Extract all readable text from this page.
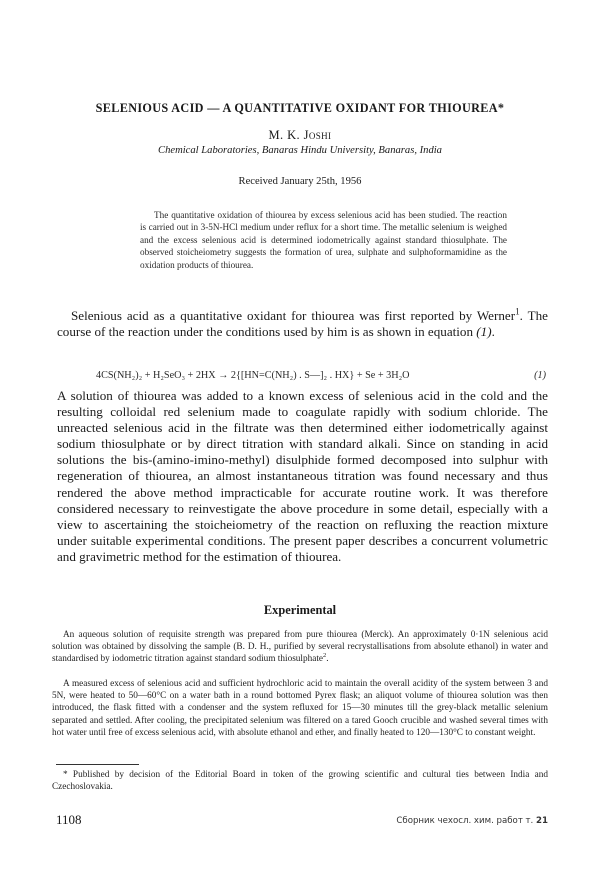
SELENIOUS ACID — A QUANTITATIVE OXIDANT FOR THIOUREA*
M. K. Joshi
Chemical Laboratories, Banaras Hindu University, Banaras, India
Received January 25th, 1956
The quantitative oxidation of thiourea by excess selenious acid has been studied. The reaction is carried out in 3-5N-HCl medium under reflux for a short time. The metallic selenium is weighed and the excess selenious acid is determined iodometrically against standard thiosulphate. The observed stoicheiometry suggests the formation of urea, sulphate and sulphoformamidine as the oxidation products of thiourea.
Selenious acid as a quantitative oxidant for thiourea was first reported by Werner$^1$. The course of the reaction under the conditions used by him is as shown in equation (1).
4CS(NH₂)₂ + H₂SeO₃ + 2HX → 2{[HN=C(NH₂) . S—]₂ . HX} + Se + 3H₂O	(1)
A solution of thiourea was added to a known excess of selenious acid in the cold and the resulting colloidal red selenium made to coagulate rapidly with sodium chloride. The unreacted selenious acid in the filtrate was then determined either iodometrically against sodium thiosulphate or by direct titration with standard alkali. Since on standing in acid solutions the bis-(amino-imino-methyl) disulphide formed decomposed into sulphur with regeneration of thiourea, an almost instantaneous titration was found necessary and thus rendered the above method impracticable for accurate routine work. It was therefore considered necessary to reinvestigate the above procedure in some detail, especially with a view to ascertaining the stoicheiometry of the reaction on refluxing the reaction mixture under suitable experimental conditions. The present paper describes a concurrent volumetric and gravimetric method for the estimation of thiourea.
Experimental
An aqueous solution of requisite strength was prepared from pure thiourea (Merck). An approximately 0·1N selenious acid solution was obtained by dissolving the sample (B. D. H., purified by several recrystallisations from absolute ethanol) in water and standardised by iodometric titration against standard sodium thiosulphate$^2$.
A measured excess of selenious acid and sufficient hydrochloric acid to maintain the overall acidity of the system between 3 and 5N, were heated to 50—60°C on a water bath in a round bottomed Pyrex flask; an aliquot volume of thiourea solution was then introduced, the flask fitted with a condenser and the system refluxed for 15—30 minutes till the grey-black metallic selenium separated and settled. After cooling, the precipitated selenium was filtered on a tared Gooch crucible and washed several times with hot water until free of excess selenious acid, with absolute ethanol and ether, and finally heated to 120—130°C to constant weight.
* Published by decision of the Editorial Board in token of the growing scientific and cultural ties between India and Czechoslovakia.
1108	Сборник чехосл. хим. работ т. 21
